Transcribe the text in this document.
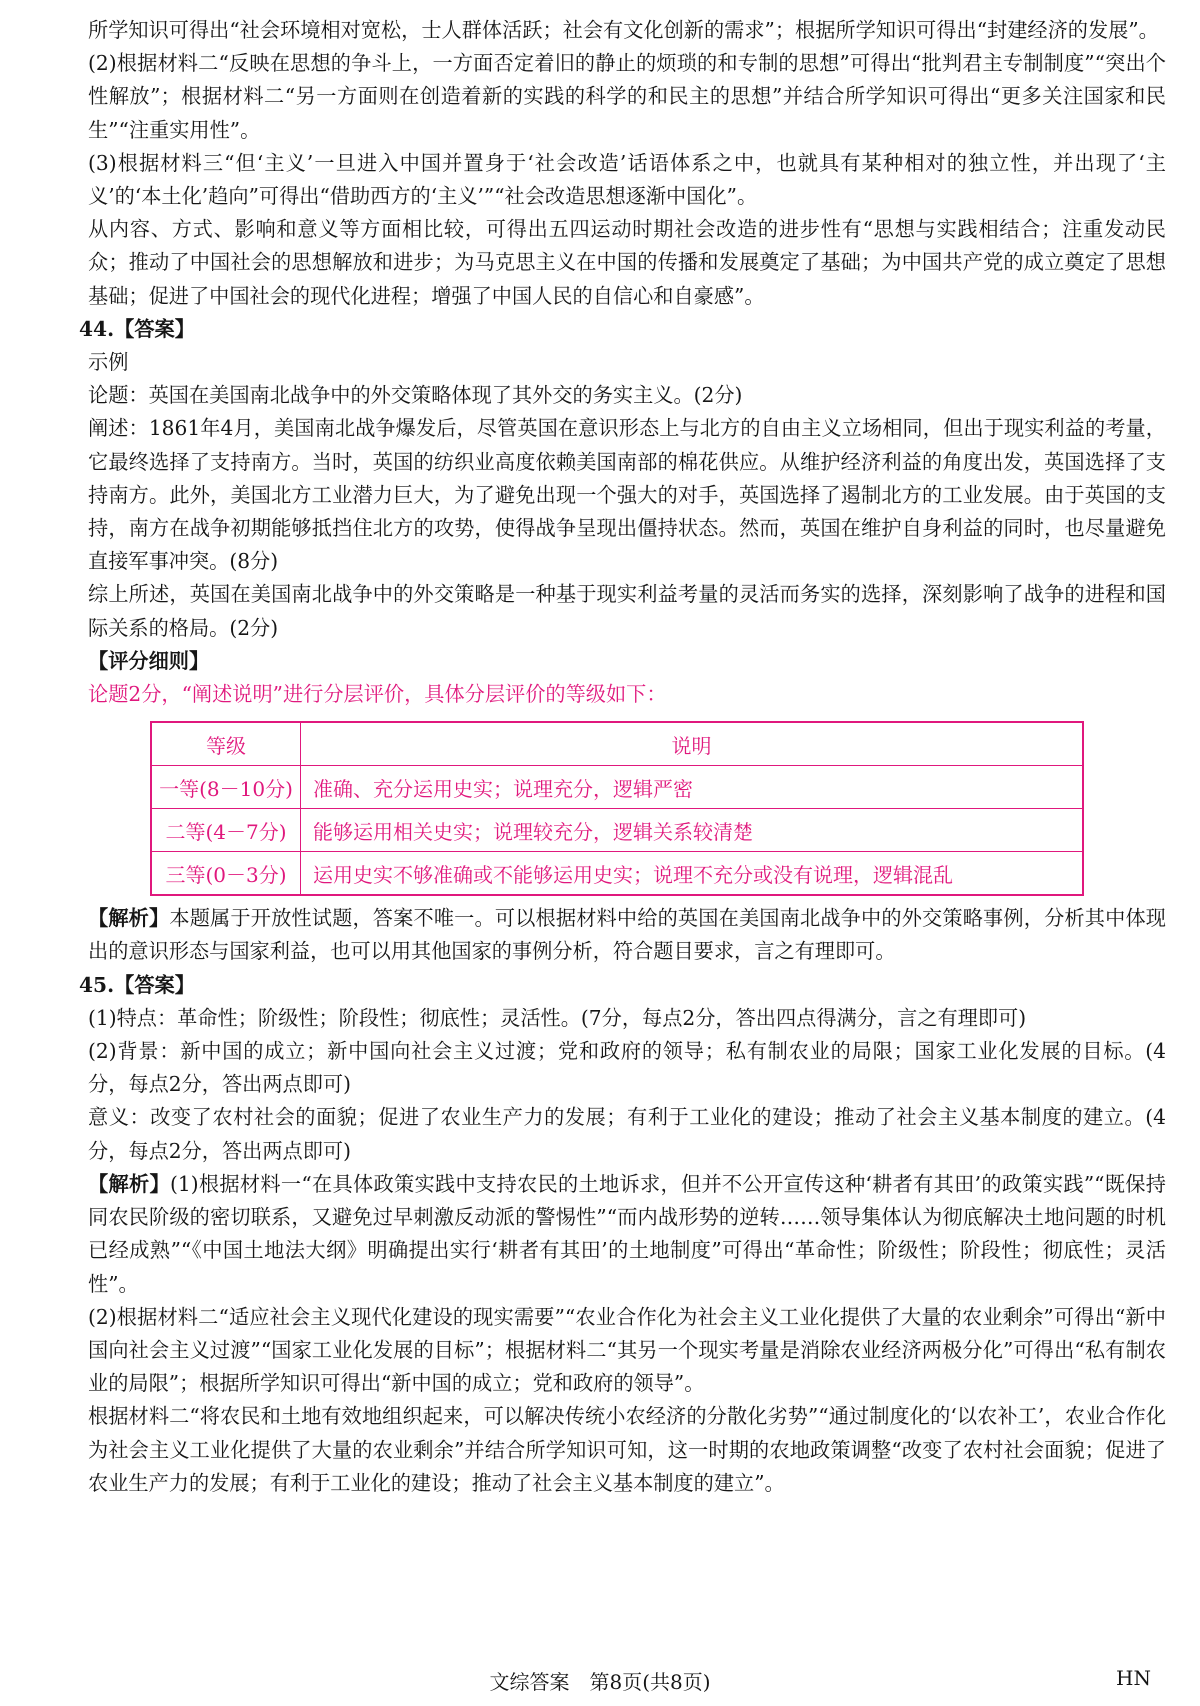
所学知识可得出“社会环境相对宽松，士人群体活跃；社会有文化创新的需求”；根据所学知识可得出“封建经济的发展”。

(2)根据材料二“反映在思想的争斗上，一方面否定着旧的静止的烦琐的和专制的思想”可得出“批判君主专制制度”“突出个性解放”；根据材料二“另一方面则在创造着新的实践的科学的和民主的思想”并结合所学知识可得出“更多关注国家和民生”“注重实用性”。

(3)根据材料三“但‘主义’一旦进入中国并置身于‘社会改造’话语体系之中，也就具有某种相对的独立性，并出现了‘主义’的‘本土化’趋向”可得出“借助西方的‘主义’”“社会改造思想逐渐中国化”。

从内容、方式、影响和意义等方面相比较，可得出五四运动时期社会改造的进步性有“思想与实践相结合；注重发动民众；推动了中国社会的思想解放和进步；为马克思主义在中国的传播和发展奠定了基础；为中国共产党的成立奠定了思想基础；促进了中国社会的现代化进程；增强了中国人民的自信心和自豪感”。

44.【答案】

示例

论题：英国在美国南北战争中的外交策略体现了其外交的务实主义。(2分)

阐述：1861年4月，美国南北战争爆发后，尽管英国在意识形态上与北方的自由主义立场相同，但出于现实利益的考量，它最终选择了支持南方。当时，英国的纺织业高度依赖美国南部的棉花供应。从维护经济利益的角度出发，英国选择了支持南方。此外，美国北方工业潜力巨大，为了避免出现一个强大的对手，英国选择了遏制北方的工业发展。由于英国的支持，南方在战争初期能够抵挡住北方的攻势，使得战争呈现出僵持状态。然而，英国在维护自身利益的同时，也尽量避免直接军事冲突。(8分)

综上所述，英国在美国南北战争中的外交策略是一种基于现实利益考量的灵活而务实的选择，深刻影响了战争的进程和国际关系的格局。(2分)

【评分细则】

论题2分，“阐述说明”进行分层评价，具体分层评价的等级如下：

等级	说明
一等(8－10分)	准确、充分运用史实；说理充分，逻辑严密
二等(4－7分)	能够运用相关史实；说理较充分，逻辑关系较清楚
三等(0－3分)	运用史实不够准确或不能够运用史实；说理不充分或没有说理，逻辑混乱

【解析】本题属于开放性试题，答案不唯一。可以根据材料中给的英国在美国南北战争中的外交策略事例，分析其中体现出的意识形态与国家利益，也可以用其他国家的事例分析，符合题目要求，言之有理即可。

45.【答案】

(1)特点：革命性；阶级性；阶段性；彻底性；灵活性。(7分，每点2分，答出四点得满分，言之有理即可)

(2)背景：新中国的成立；新中国向社会主义过渡；党和政府的领导；私有制农业的局限；国家工业化发展的目标。(4分，每点2分，答出两点即可)

意义：改变了农村社会的面貌；促进了农业生产力的发展；有利于工业化的建设；推动了社会主义基本制度的建立。(4分，每点2分，答出两点即可)

【解析】(1)根据材料一“在具体政策实践中支持农民的土地诉求，但并不公开宣传这种‘耕者有其田’的政策实践”“既保持同农民阶级的密切联系，又避免过早刺激反动派的警惕性”“而内战形势的逆转……领导集体认为彻底解决土地问题的时机已经成熟”“《中国土地法大纲》明确提出实行‘耕者有其田’的土地制度”可得出“革命性；阶级性；阶段性；彻底性；灵活性”。

(2)根据材料二“适应社会主义现代化建设的现实需要”“农业合作化为社会主义工业化提供了大量的农业剩余”可得出“新中国向社会主义过渡”“国家工业化发展的目标”；根据材料二“其另一个现实考量是消除农业经济两极分化”可得出“私有制农业的局限”；根据所学知识可得出“新中国的成立；党和政府的领导”。

根据材料二“将农民和土地有效地组织起来，可以解决传统小农经济的分散化劣势”“通过制度化的‘以农补工’，农业合作化为社会主义工业化提供了大量的农业剩余”并结合所学知识可知，这一时期的农地政策调整“改变了农村社会面貌；促进了农业生产力的发展；有利于工业化的建设；推动了社会主义基本制度的建立”。

文综答案　第8页(共8页)	HN
